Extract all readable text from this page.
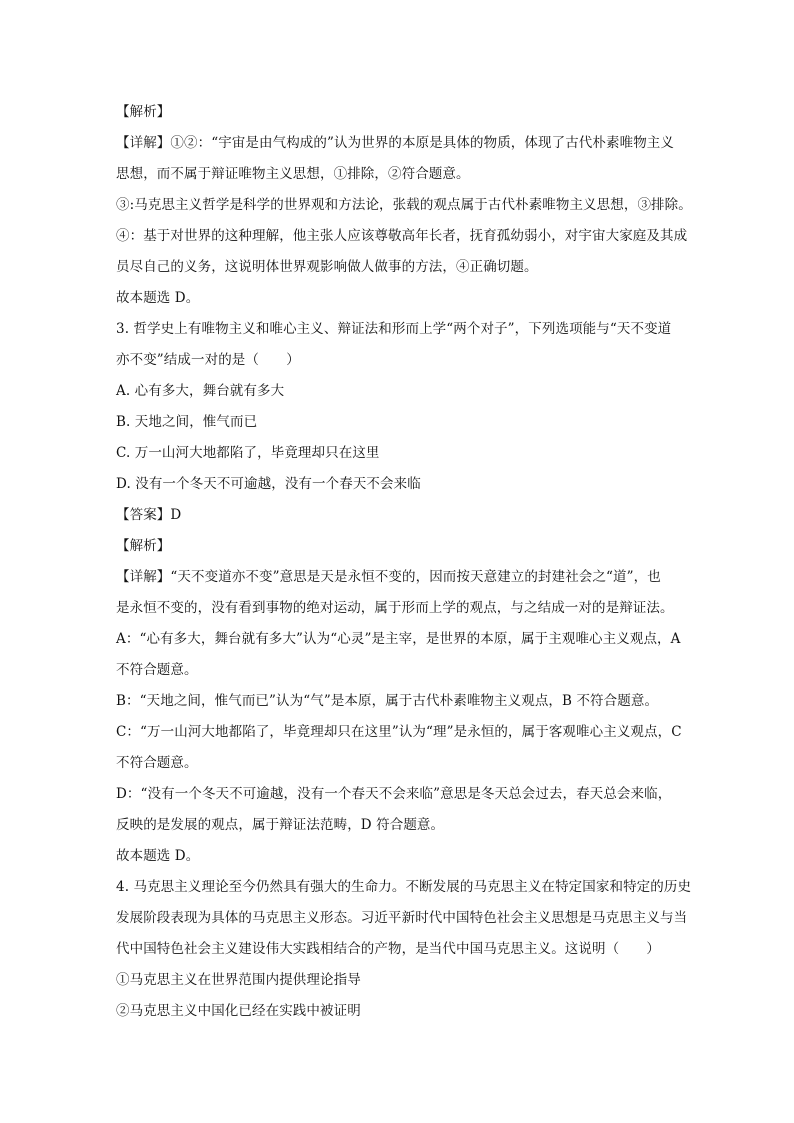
【解析】
【详解】①②：“宇宙是由气构成的”认为世界的本原是具体的物质，体现了古代朴素唯物主义
思想，而不属于辩证唯物主义思想，①排除，②符合题意。
③:马克思主义哲学是科学的世界观和方法论，张载的观点属于古代朴素唯物主义思想，③排除。
④：基于对世界的这种理解，他主张人应该尊敬高年长者，抚育孤幼弱小，对宇宙大家庭及其成
员尽自己的义务，这说明体世界观影响做人做事的方法，④正确切题。
故本题选 D。
3. 哲学史上有唯物主义和唯心主义、辩证法和形而上学“两个对子”，下列选项能与“天不变道
亦不变”结成一对的是（　　）
A. 心有多大，舞台就有多大
B. 天地之间，惟气而已
C. 万一山河大地都陷了，毕竟理却只在这里
D. 没有一个冬天不可逾越，没有一个春天不会来临
【答案】D
【解析】
【详解】“天不变道亦不变”意思是天是永恒不变的，因而按天意建立的封建社会之“道”，也
是永恒不变的，没有看到事物的绝对运动，属于形而上学的观点，与之结成一对的是辩证法。
A：“心有多大，舞台就有多大”认为“心灵”是主宰，是世界的本原，属于主观唯心主义观点，A
不符合题意。
B：“天地之间，惟气而已”认为“气”是本原，属于古代朴素唯物主义观点，B 不符合题意。
C：“万一山河大地都陷了，毕竟理却只在这里”认为“理”是永恒的，属于客观唯心主义观点，C
不符合题意。
D：“没有一个冬天不可逾越，没有一个春天不会来临”意思是冬天总会过去，春天总会来临，
反映的是发展的观点，属于辩证法范畴，D 符合题意。
故本题选 D。
4. 马克思主义理论至今仍然具有强大的生命力。不断发展的马克思主义在特定国家和特定的历史
发展阶段表现为具体的马克思主义形态。习近平新时代中国特色社会主义思想是马克思主义与当
代中国特色社会主义建设伟大实践相结合的产物，是当代中国马克思主义。这说明（　　）
①马克思主义在世界范围内提供理论指导
②马克思主义中国化已经在实践中被证明
